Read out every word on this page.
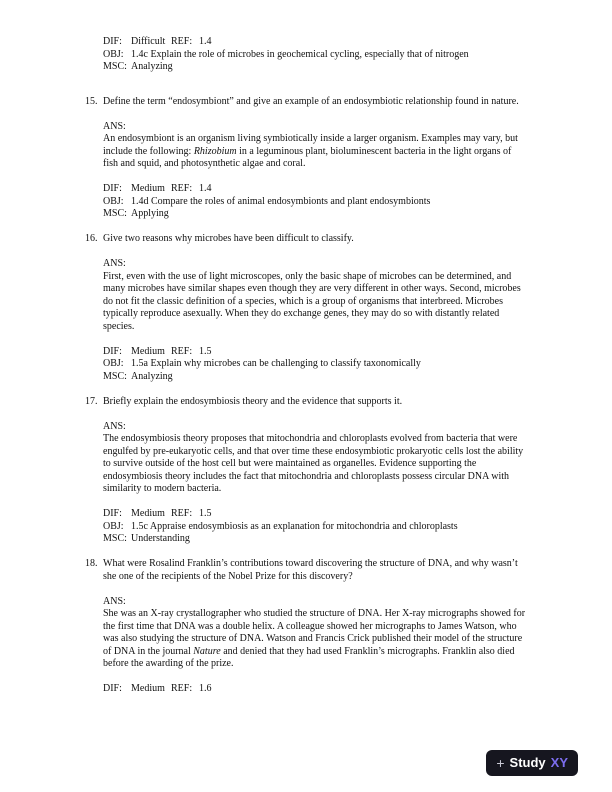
DIF: Difficult REF: 1.4

OBJ: 1.4c Explain the role of microbes in geochemical cycling, especially that of nitrogen

MSC: Analyzing

15. Define the term “endosymbiont” and give an example of an endosymbiotic relationship found in nature.

ANS:

An endosymbiont is an organism living symbiotically inside a larger organism. Examples may vary, but include the following: Rhizobium in a leguminous plant, bioluminescent bacteria in the light organs of fish and squid, and photosynthetic algae and coral.

DIF: Medium REF: 1.4

OBJ: 1.4d Compare the roles of animal endosymbionts and plant endosymbionts

MSC: Applying

16. Give two reasons why microbes have been difficult to classify.

ANS:

First, even with the use of light microscopes, only the basic shape of microbes can be determined, and many microbes have similar shapes even though they are very different in other ways. Second, microbes do not fit the classic definition of a species, which is a group of organisms that interbreed. Microbes typically reproduce asexually. When they do exchange genes, they may do so with distantly related species.

DIF: Medium REF: 1.5

OBJ: 1.5a Explain why microbes can be challenging to classify taxonomically

MSC: Analyzing

17. Briefly explain the endosymbiosis theory and the evidence that supports it.

ANS:

The endosymbiosis theory proposes that mitochondria and chloroplasts evolved from bacteria that were engulfed by pre-eukaryotic cells, and that over time these endosymbiotic prokaryotic cells lost the ability to survive outside of the host cell but were maintained as organelles. Evidence supporting the endosymbiosis theory includes the fact that mitochondria and chloroplasts possess circular DNA with similarity to modern bacteria.

DIF: Medium REF: 1.5

OBJ: 1.5c Appraise endosymbiosis as an explanation for mitochondria and chloroplasts

MSC: Understanding

18. What were Rosalind Franklin’s contributions toward discovering the structure of DNA, and why wasn’t she one of the recipients of the Nobel Prize for this discovery?

ANS:

She was an X-ray crystallographer who studied the structure of DNA. Her X-ray micrographs showed for the first time that DNA was a double helix. A colleague showed her micrographs to James Watson, who was also studying the structure of DNA. Watson and Francis Crick published their model of the structure of DNA in the journal Nature and denied that they had used Franklin’s micrographs. Franklin also died before the awarding of the prize.

DIF: Medium REF: 1.6

+ Study XY
